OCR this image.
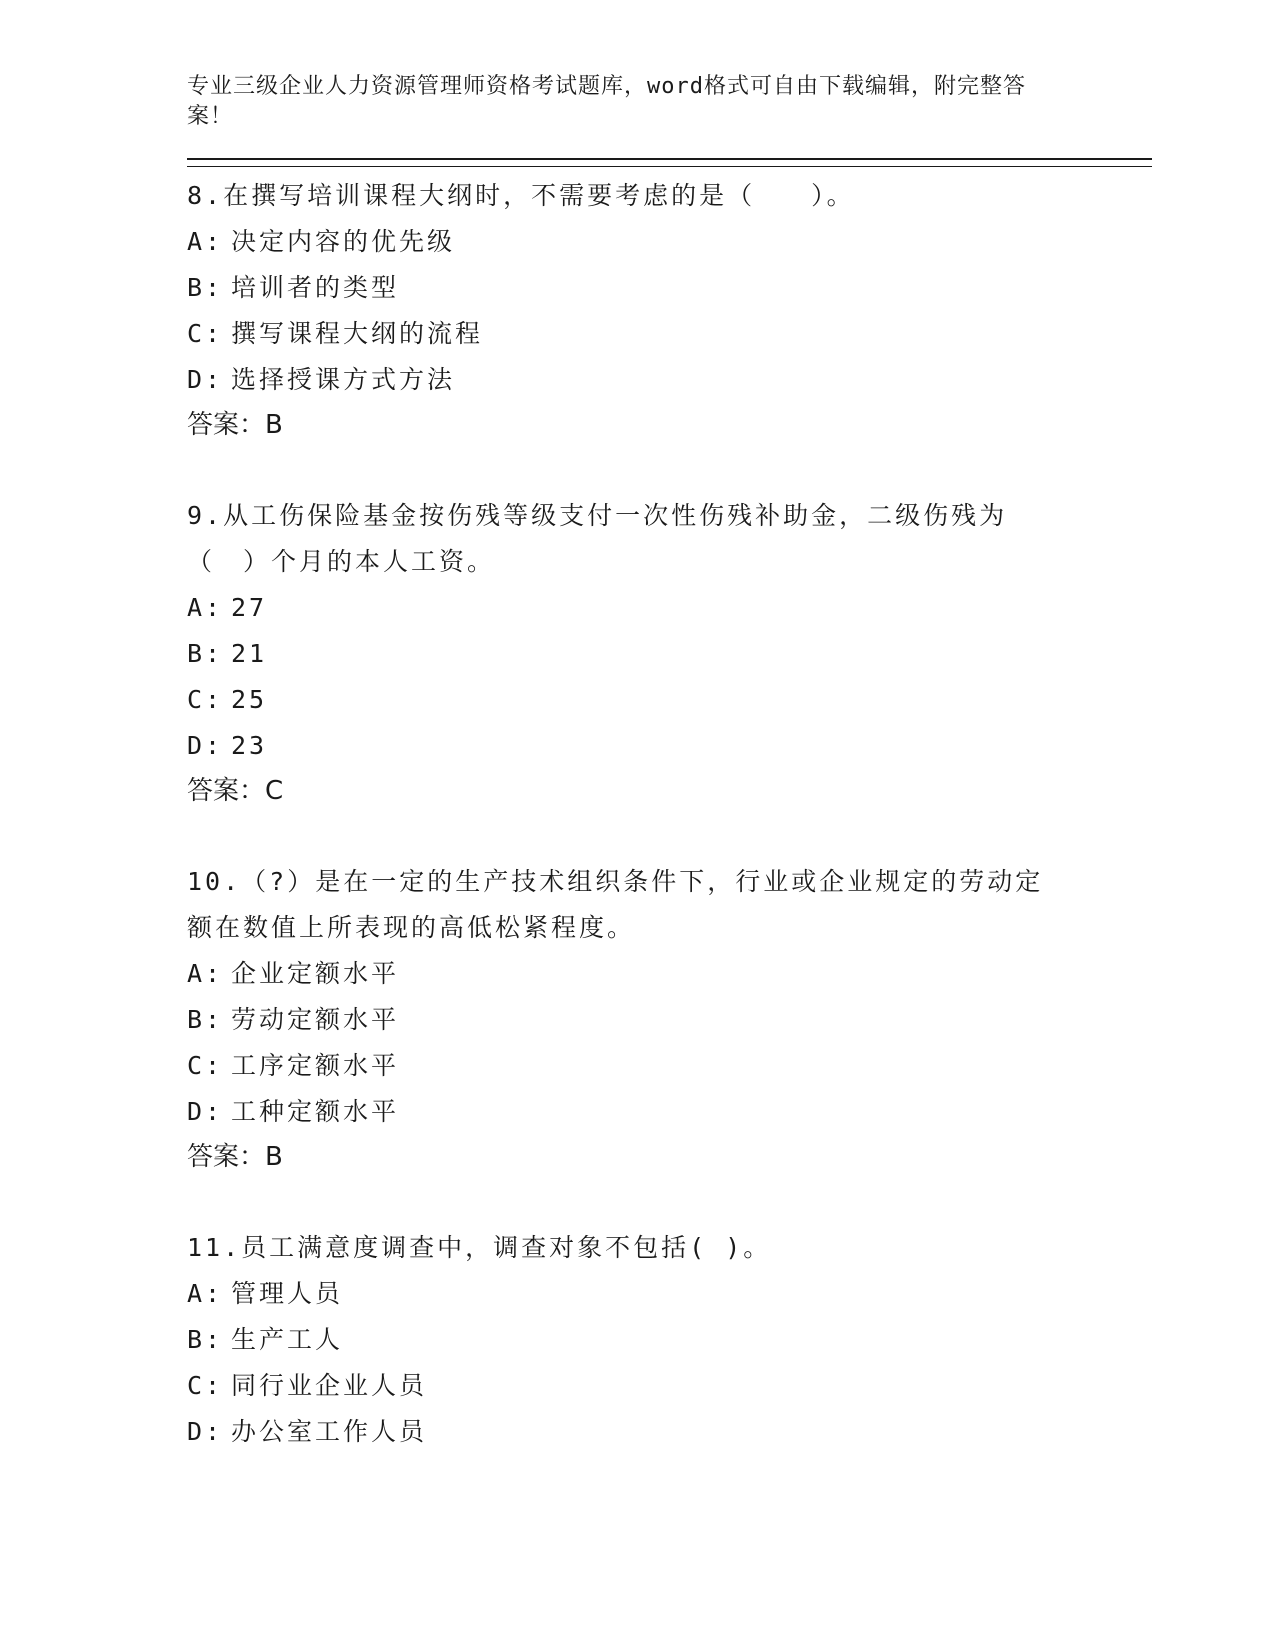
专业三级企业人力资源管理师资格考试题库，word格式可自由下载编辑，附完整答案！

8.在撰写培训课程大纲时，不需要考虑的是（　　）。

A: 决定内容的优先级

B: 培训者的类型

C: 撰写课程大纲的流程

D: 选择授课方式方法

答案：B

9.从工伤保险基金按伤残等级支付一次性伤残补助金，二级伤残为（　）个月的本人工资。

A: 27

B: 21

C: 25

D: 23

答案：C

10.（?）是在一定的生产技术组织条件下，行业或企业规定的劳动定额在数值上所表现的高低松紧程度。

A: 企业定额水平

B: 劳动定额水平

C: 工序定额水平

D: 工种定额水平

答案：B

11.员工满意度调查中，调查对象不包括( )。

A: 管理人员

B: 生产工人

C: 同行业企业人员

D: 办公室工作人员
